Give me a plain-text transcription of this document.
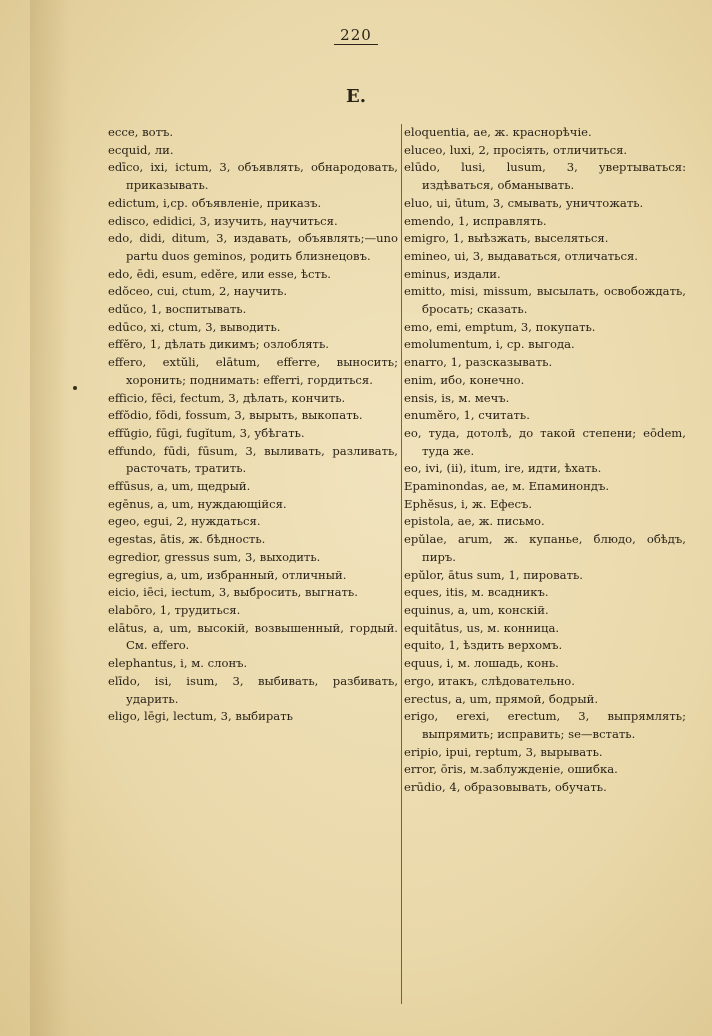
220
E.
ecce, вотъ.
ecquid, ли.
edīco, ixi, ictum, 3, объявлять, обнародовать, приказывать.
edictum, i,ср. объявленіе, приказъ.
edisco, edidici, 3, изучить, научиться.
edo, didi, ditum, 3, издавать, объявлять;—uno partu duos geminos, родить близнецовъ.
edo, ēdi, esum, edĕre, или esse, ѣсть.
edŏceo, cui, ctum, 2, научить.
edŭco, 1, воспитывать.
edūco, xi, ctum, 3, выводить.
effĕro, 1, дѣлать дикимъ; озлоблять.
effero, extŭli, elātum, efferre, выносить; хоронить; поднимать: efferri, гордиться.
efficio, fēci, fectum, 3, дѣлать, кончить.
effŏdio, fōdi, fossum, 3, вырыть, выкопать.
effŭgio, fūgi, fugĭtum, 3, убѣгать.
effundo, fūdi, fūsum, 3, выливать, разливать, расточать, тратить.
effūsus, a, um, щедрый.
egēnus, a, um, нуждающійся.
egeo, egui, 2, нуждаться.
egestas, ātis, ж. бѣдность.
egredior, gressus sum, 3, выходить.
egregius, a, um, избранный, отличный.
eicio, iēci, iectum, 3, выбросить, выгнать.
elabōro, 1, трудиться.
elātus, a, um, высокій, возвышенный, гордый. См. effero.
elephantus, i, м. слонъ.
elīdo, isi, isum, 3, выбивать, разбивать, ударить.
eligo, lēgi, lectum, 3, выбирать
eloquentia, ae, ж. краснорѣчіе.
eluceo, luxi, 2, просіять, отличиться.
elūdo, lusi, lusum, 3, увертываться: издѣваться, обманывать.
eluo, ui, ūtum, 3, смывать, уничтожать.
emendo, 1, исправлять.
emigro, 1, выѣзжать, выселяться.
emineo, ui, 3, выдаваться, отличаться.
eminus, издали.
emitto, misi, missum, высылать, освобождать, бросать; сказать.
emo, emi, emptum, 3, покупать.
emolumentum, i, ср. выгода.
enarro, 1, разсказывать.
enim, ибо, конечно.
ensis, is, м. мечъ.
enumĕro, 1, считать.
eo, туда, дотолѣ, до такой степени; eōdem, туда же.
eo, ivi, (ii), itum, ire, идти, ѣхать.
Epaminondas, ae, м. Епаминондъ.
Ephĕsus, i, ж. Ефесъ.
epistola, ae, ж. письмо.
epŭlae, arum, ж. купанье, блюдо, обѣдъ, пиръ.
epŭlor, ātus sum, 1, пировать.
eques, itis, м. всадникъ.
equinus, a, um, конскій.
equitātus, us, м. конница.
equito, 1, ѣздить верхомъ.
equus, i, м. лошадь, конь.
ergo, итакъ, слѣдовательно.
erectus, a, um, прямой, бодрый.
erigo, erexi, erectum, 3, выпрямлять; выпрямить; исправить; se—встать.
eripio, ipui, reptum, 3, вырывать.
error, ōris, м.заблужденіе, ошибка.
erūdio, 4, образовывать, обучать.
